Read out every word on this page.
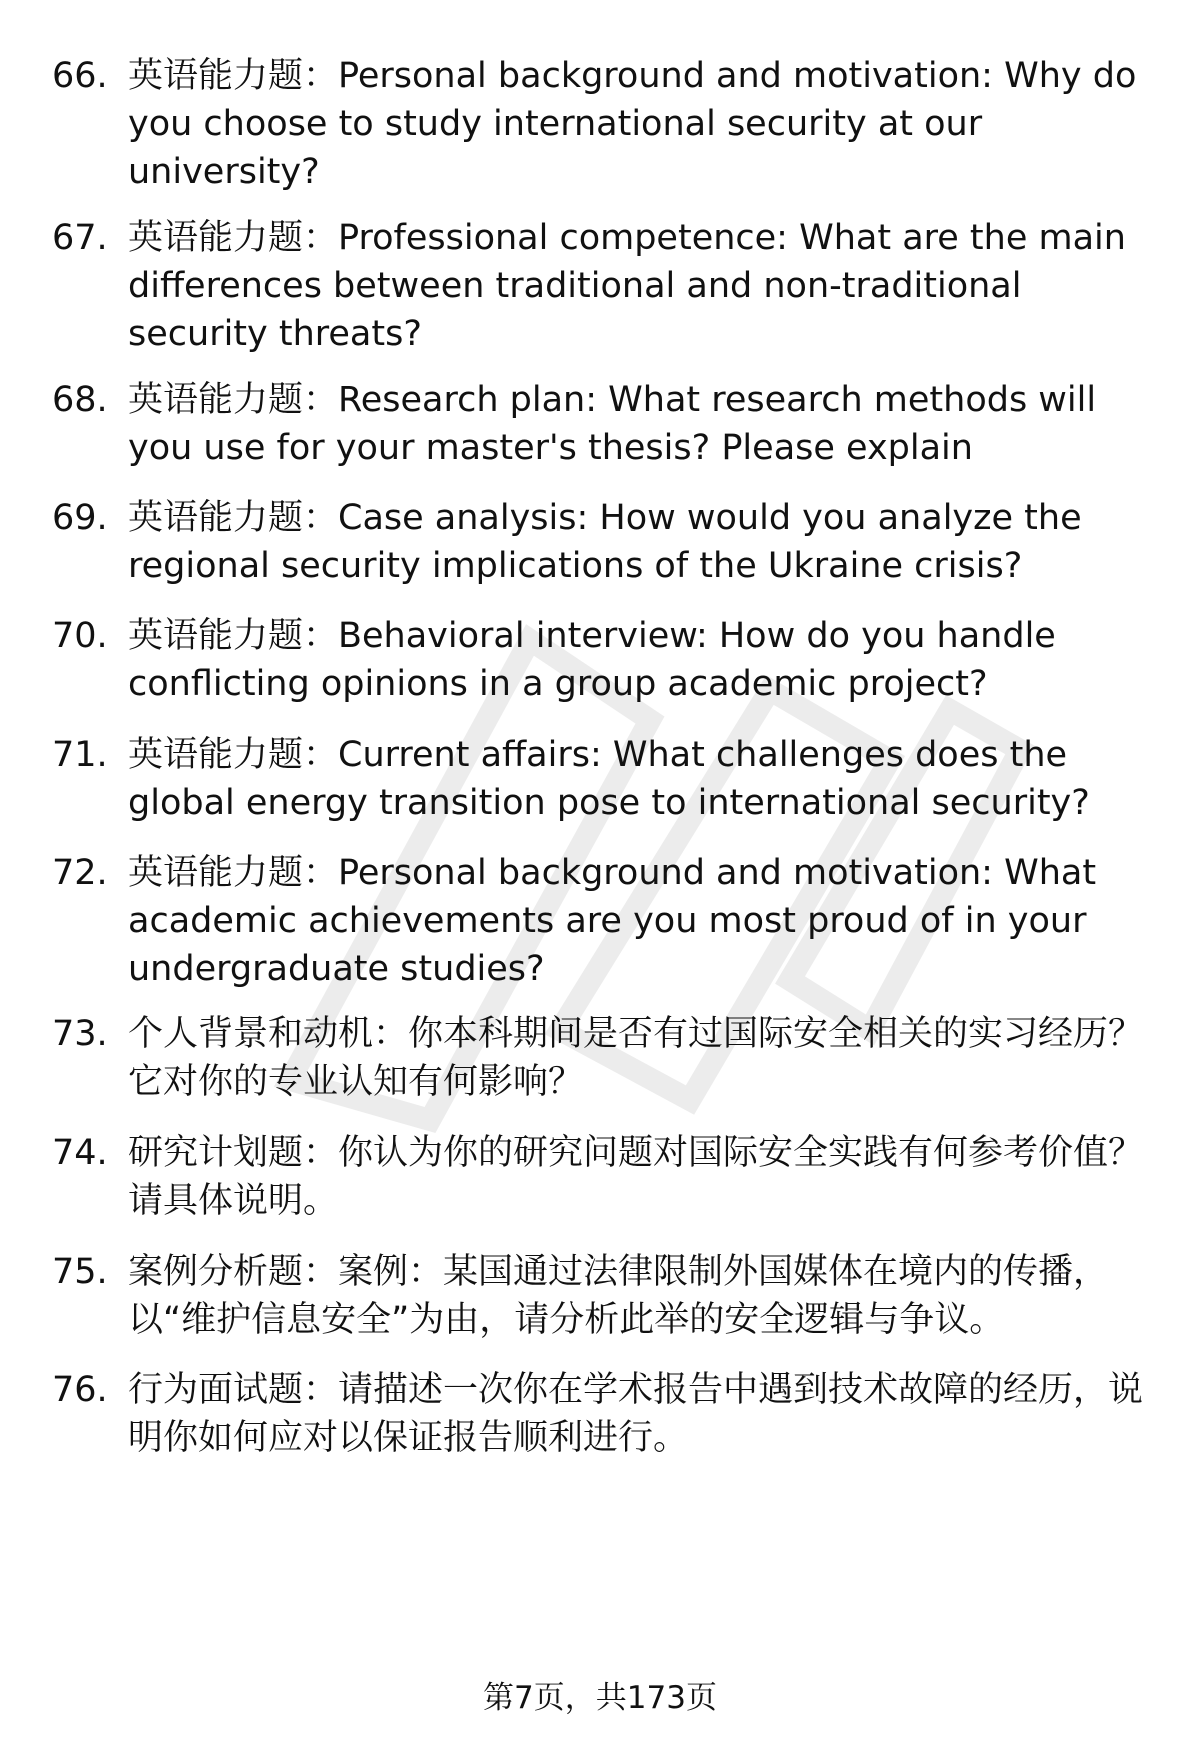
66. 英语能力题：Personal background and motivation: Why do you choose to study international security at our university?
67. 英语能力题：Professional competence: What are the main differences between traditional and non-traditional security threats?
68. 英语能力题：Research plan: What research methods will you use for your master's thesis? Please explain
69. 英语能力题：Case analysis: How would you analyze the regional security implications of the Ukraine crisis?
70. 英语能力题：Behavioral interview: How do you handle conflicting opinions in a group academic project?
71. 英语能力题：Current affairs: What challenges does the global energy transition pose to international security?
72. 英语能力题：Personal background and motivation: What academic achievements are you most proud of in your undergraduate studies?
73. 个人背景和动机：你本科期间是否有过国际安全相关的实习经历？它对你的专业认知有何影响？
74. 研究计划题：你认为你的研究问题对国际安全实践有何参考价值？请具体说明。
75. 案例分析题：案例：某国通过法律限制外国媒体在境内的传播，以“维护信息安全”为由，请分析此举的安全逻辑与争议。
76. 行为面试题：请描述一次你在学术报告中遇到技术故障的经历，说明你如何应对以保证报告顺利进行。
第7页，共173页
